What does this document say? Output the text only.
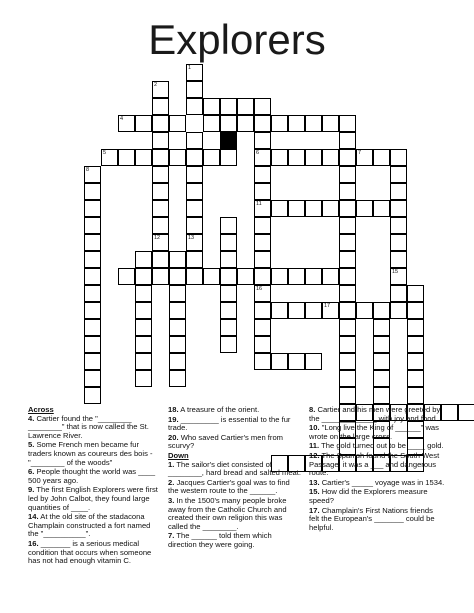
Explorers
1
2
4
5	6	7
8
11
12	13
15
16
17
Across
4. Cartier found the "________ ________" that is now called the St. Lawrence River.
5. Some French men became fur traders known as coureurs des bois -"________ of the woods"
6. People thought the world was ____ 500 years ago.
9. The first English Explorers were first led by John Calbot, they found large quantities of ____.
14. At the old site of the stadacona Champlain constructed a fort named the "__________".
16. _______ is a serious medical condition that occurs when someone has not had enough vitamin C.
18. A treasure of the orient.
19. _________ is essential to the fur trade.
20. Who saved Cartier's men from scurvy?
Down
1. The sailor's diet consisted of ________, hard bread and salted meat.
2. Jacques Cartier's goal was to find the western route to the ______.
3. In the 1500's many people broke away from the Catholic Church and created their own religion this was called the ________.
7. The ______ told them which direction they were going.
8. Cartier and his men were greeted by the _____________ with joy and food.
10. "Long live the King of ______" was wrote on the large cross.
11. The gold turned out to be ____ gold.
12. The Spanish found the South West Passage, it was a ___ and dangerous route.
13. Cartier's _____ voyage was in 1534.
15. How did the Explorers measure speed?
17. Champlain's First Nations friends felt the European's _______ could be helpful.
